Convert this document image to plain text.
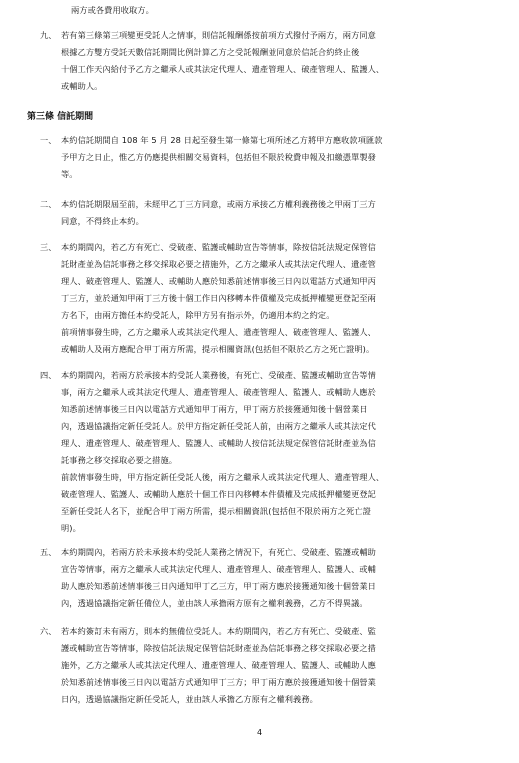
兩方或各費用收取方。
九、 若有第三條第三項變更受託人之情事，則信託報酬係按前項方式撥付予兩方，兩方同意
根據乙方雙方受託天數信託期間比例計算乙方之受託報酬並同意於信託合約終止後
十個工作天內給付予乙方之繼承人或其法定代理人、遺產管理人、破產管理人、監護人、
或輔助人。
第三條 信託期間
一、 本約信託期間自 108 年 5 月 28 日起至發生第一條第七項所述乙方將甲方應收款項匯款
予甲方之日止，惟乙方仍應提供相關交易資料，包括但不限於稅費申報及扣繳憑單製發
等。
二、 本約信託期限屆至前，未經甲乙丁三方同意，或兩方承接乙方權利義務後之甲兩丁三方
同意，不得終止本約。
三、 本約期間內，若乙方有死亡、受破產、監護或輔助宣告等情事，除按信託法規定保管信
託財產並為信託事務之移交採取必要之措施外，乙方之繼承人或其法定代理人、遺產管
理人、破產管理人、監護人、或輔助人應於知悉前述情事後三日內以電話方式通知甲丙
丁三方，並於通知甲兩丁三方後十個工作日內移轉本件債權及完成抵押權變更登記至兩
方名下，由兩方擔任本約受託人，除甲方另有指示外，仍適用本約之約定。
前項情事發生時，乙方之繼承人或其法定代理人、遺產管理人、破產管理人、監護人、
或輔助人及兩方應配合甲丁兩方所需，提示相關資訊(包括但不限於乙方之死亡證明)。
四、 本約期間內，若兩方於承接本約受託人業務後，有死亡、受破產、監護或輔助宣告等情
事，兩方之繼承人或其法定代理人、遺產管理人、破產管理人、監護人、或輔助人應於
知悉前述情事後三日內以電話方式通知甲丁兩方，甲丁兩方於接獲通知後十個營業日
內，透過協議指定新任受託人。於甲方指定新任受託人前，由兩方之繼承人或其法定代
理人、遺產管理人、破產管理人、監護人、或輔助人按信託法規定保管信託財產並為信
託事務之移交採取必要之措施。
前款情事發生時，甲方指定新任受託人後，兩方之繼承人或其法定代理人、遺產管理人、
破產管理人、監護人、或輔助人應於十個工作日內移轉本件債權及完成抵押權變更登記
至新任受託人名下，並配合甲丁兩方所需，提示相關資訊(包括但不限於兩方之死亡證
明)。
五、 本約期間內，若兩方於未承接本約受託人業務之情況下，有死亡、受破產、監護或輔助
宣告等情事，兩方之繼承人或其法定代理人、遺產管理人、破產管理人、監護人、或輔
助人應於知悉前述情事後三日內通知甲丁乙三方，甲丁兩方應於接獲通知後十個營業日
內，透過協議指定新任備位人，並由該人承擔兩方原有之權利義務，乙方不得異議。
六、 若本約簽訂未有兩方，則本約無備位受託人。本約期間內，若乙方有死亡、受破產、監
護或輔助宣告等情事，除按信託法規定保管信託財產並為信託事務之移交採取必要之措
施外，乙方之繼承人或其法定代理人、遺產管理人、破產管理人、監護人、或輔助人應
於知悉前述情事後三日內以電話方式通知甲丁三方；甲丁兩方應於接獲通知後十個營業
日內，透過協議指定新任受託人，並由該人承擔乙方原有之權利義務。
4
